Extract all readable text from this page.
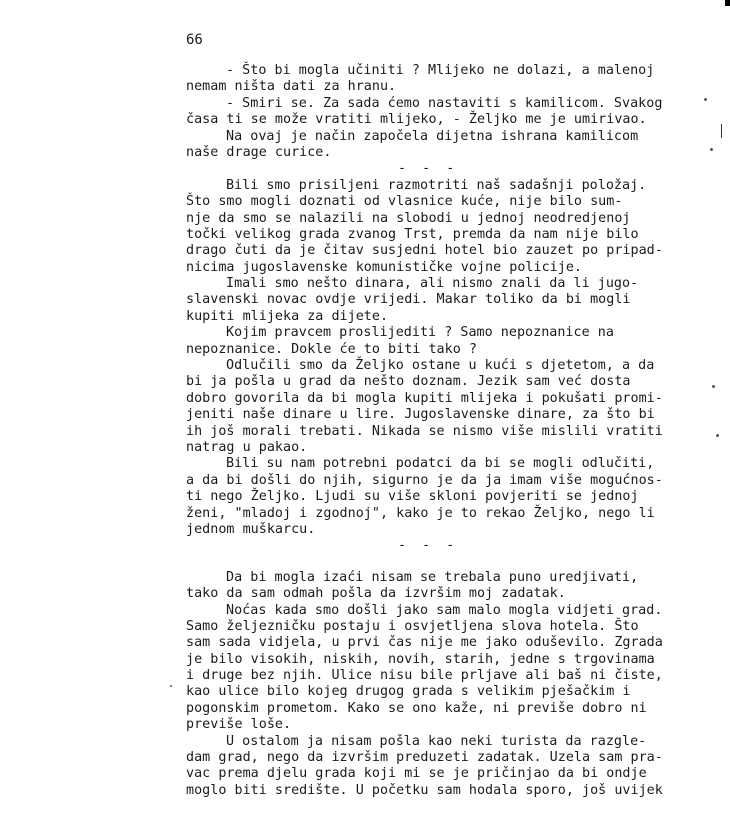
66
- Što bi mogla učiniti ? Mlijeko ne dolazi, a malenoj
nemam ništa dati za hranu.
- Smiri se. Za sada ćemo nastaviti s kamilicom. Svakog
časa ti se može vratiti mlijeko, - Željko me je umirivao.
Na ovaj je način započela dijetna ishrana kamilicom
naše drage curice.
- - -
Bili smo prisiljeni razmotriti naš sadašnji položaj.
Što smo mogli doznati od vlasnice kuće, nije bilo sum-
nje da smo se nalazili na slobodi u jednoj neodredjenoj
točki velikog grada zvanog Trst, premda da nam nije bilo
drago čuti da je čitav susjedni hotel bio zauzet po pripad-
nicima jugoslavenske komunističke vojne policije.
Imali smo nešto dinara, ali nismo znali da li jugo-
slavenski novac ovdje vrijedi. Makar toliko da bi mogli
kupiti mlijeka za dijete.
Kojim pravcem proslijediti ? Samo nepoznanice na
nepoznanice. Dokle će to biti tako ?
Odlučili smo da Željko ostane u kući s djetetom, a da
bi ja pošla u grad da nešto doznam. Jezik sam već dosta
dobro govorila da bi mogla kupiti mlijeka i pokušati promi-
jeniti naše dinare u lire. Jugoslavenske dinare, za što bi
ih još morali trebati. Nikada se nismo više mislili vratiti
natrag u pakao.
Bili su nam potrebni podatci da bi se mogli odlučiti,
a da bi došli do njih, sigurno je da ja imam više mogućnos-
ti nego Željko. Ljudi su više skloni povjeriti se jednoj
ženi, "mladoj i zgodnoj", kako je to rekao Željko, nego li
jednom muškarcu.
- - -
Da bi mogla izaći nisam se trebala puno uredjivati,
tako da sam odmah pošla da izvršim moj zadatak.
Noćas kada smo došli jako sam malo mogla vidjeti grad.
Samo željezničku postaju i osvjetljena slova hotela. Što
sam sada vidjela, u prvi čas nije me jako oduševilo. Zgrada
je bilo visokih, niskih, novih, starih, jedne s trgovinama
i druge bez njih. Ulice nisu bile prljave ali baš ni čiste,
kao ulice bilo kojeg drugog grada s velikim pješačkim i
pogonskim prometom. Kako se ono kaže, ni previše dobro ni
previše loše.
U ostalom ja nisam pošla kao neki turista da razgle-
dam grad, nego da izvršim preduzeti zadatak. Uzela sam pra-
vac prema djelu grada koji mi se je pričinjao da bi ondje
moglo biti središte. U početku sam hodala sporo, još uvijek
